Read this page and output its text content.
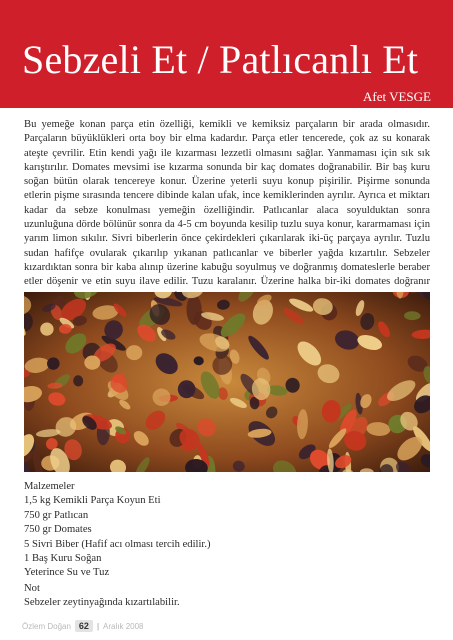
Sebzeli Et / Patlıcanlı Et
Afet VESGE

Bu yemeğe konan parça etin özelliği, kemikli ve kemiksiz parçaların bir arada olmasıdır. Parçaların büyüklükleri orta boy bir elma kadardır. Parça etler tencerede, çok az su konarak ateşte çevrilir. Etin kendi yağı ile kızarması lezzetli olmasını sağlar. Yanmaması için sık sık karıştırılır. Domates mevsimi ise kızarma sonunda bir kaç domates doğranabilir. Bir baş kuru soğan bütün olarak tencereye konur. Üzerine yeterli suyu konup pişirilir. Pişirme sonunda etlerin pişme sırasında tencere dibinde kalan ufak, ince kemiklerinden ayrılır. Ayrıca et miktarı kadar da sebze konulması yemeğin özelliğindir. Patlıcanlar alaca soyulduktan sonra uzunluğuna dörde bölünür sonra da 4-5 cm boyunda kesilip tuzlu suya konur, kararmaması için yarım limon sıkılır. Sivri biberlerin önce çekirdekleri çıkarılarak iki-üç parçaya ayrılır. Tuzlu sudan hafifçe ovularak çıkarılıp yıkanan patlıcanlar ve biberler yağda kızartılır. Sebzeler kızardıktan sonra bir kaba alınıp üzerine kabuğu soyulmuş ve doğranmış domateslerle beraber etler döşenir ve etin suyu ilave edilir. Tuzu karalanır. Üzerine halka bir-iki domates doğranır

Malzemeler
1,5 kg Kemikli Parça Koyun Eti
750 gr Patlıcan
750 gr Domates
5 Sivri Biber (Hafif acı olması tercih edilir.)
1 Baş Kuru Soğan
Yeterince Su ve Tuz
Not
Sebzeler zeytinyağında kızartılabilir.
Özlem Doğan 62	| Aralık 2008
